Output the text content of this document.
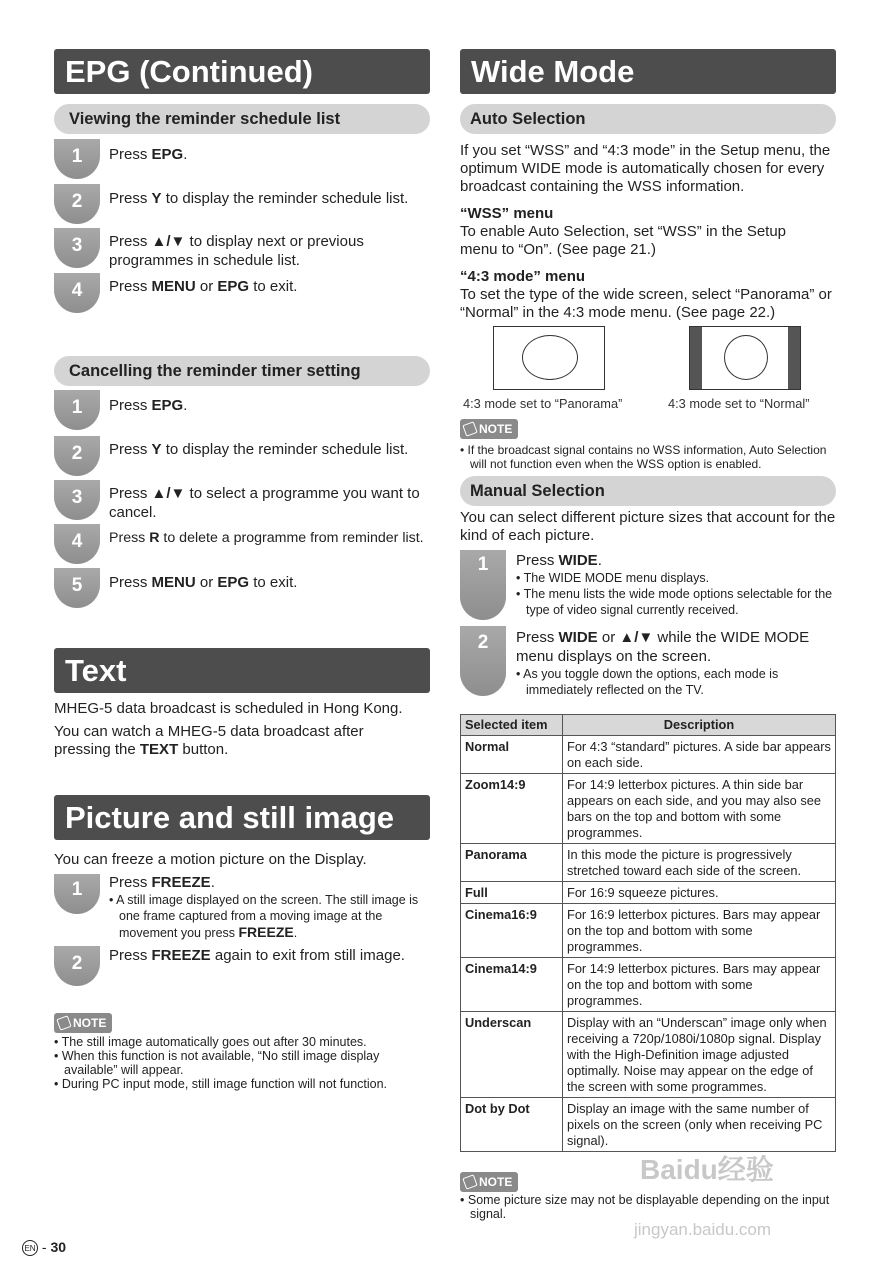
EPG (Continued)
Viewing the reminder schedule list
1	Press EPG.
2	Press Y to display the reminder schedule list.
3	Press ▲/▼ to display next or previous programmes in schedule list.
4	Press MENU or EPG to exit.
Cancelling the reminder timer setting
1	Press EPG.
2	Press Y to display the reminder schedule list.
3	Press ▲/▼ to select a programme you want to cancel.
4	Press R to delete a programme from reminder list.
5	Press MENU or EPG to exit.
Text
MHEG-5 data broadcast is scheduled in Hong Kong.
You can watch a MHEG-5 data broadcast after pressing the TEXT button.
Picture and still image
You can freeze a motion picture on the Display.
1	Press FREEZE.
• A still image displayed on the screen. The still image is one frame captured from a moving image at the movement you press FREEZE.
2	Press FREEZE again to exit from still image.
NOTE
• The still image automatically goes out after 30 minutes.
• When this function is not available, “No still image display available” will appear.
• During PC input mode, still image function will not function.
Wide Mode
Auto Selection
If you set “WSS” and “4:3 mode” in the Setup menu, the optimum WIDE mode is automatically chosen for every broadcast containing the WSS information.
“WSS” menu
To enable Auto Selection, set “WSS” in the Setup menu to “On”. (See page 21.)
“4:3 mode” menu
To set the type of the wide screen, select “Panorama” or “Normal” in the 4:3 mode menu. (See page 22.)
4:3 mode set to “Panorama”	4:3 mode set to “Normal”
NOTE
• If the broadcast signal contains no WSS information, Auto Selection will not function even when the WSS option is enabled.
Manual Selection
You can select different picture sizes that account for the kind of each picture.
1	Press WIDE.
• The WIDE MODE menu displays.
• The menu lists the wide mode options selectable for the type of video signal currently received.
2	Press WIDE or ▲/▼ while the WIDE MODE menu displays on the screen.
• As you toggle down the options, each mode is immediately reflected on the TV.
Selected item	Description
Normal	For 4:3 “standard” pictures. A side bar appears on each side.
Zoom14:9	For 14:9 letterbox pictures. A thin side bar appears on each side, and you may also see bars on the top and bottom with some programmes.
Panorama	In this mode the picture is progressively stretched toward each side of the screen.
Full	For 16:9 squeeze pictures.
Cinema16:9	For 16:9 letterbox pictures. Bars may appear on the top and bottom with some programmes.
Cinema14:9	For 14:9 letterbox pictures. Bars may appear on the top and bottom with some programmes.
Underscan	Display with an “Underscan” image only when receiving a 720p/1080i/1080p signal. Display with the High-Definition image adjusted optimally. Noise may appear on the edge of the screen with some programmes.
Dot by Dot	Display an image with the same number of pixels on the screen (only when receiving PC signal).
NOTE
• Some picture size may not be displayable depending on the input signal.
Baidu经验
jingyan.baidu.com
EN - 30
